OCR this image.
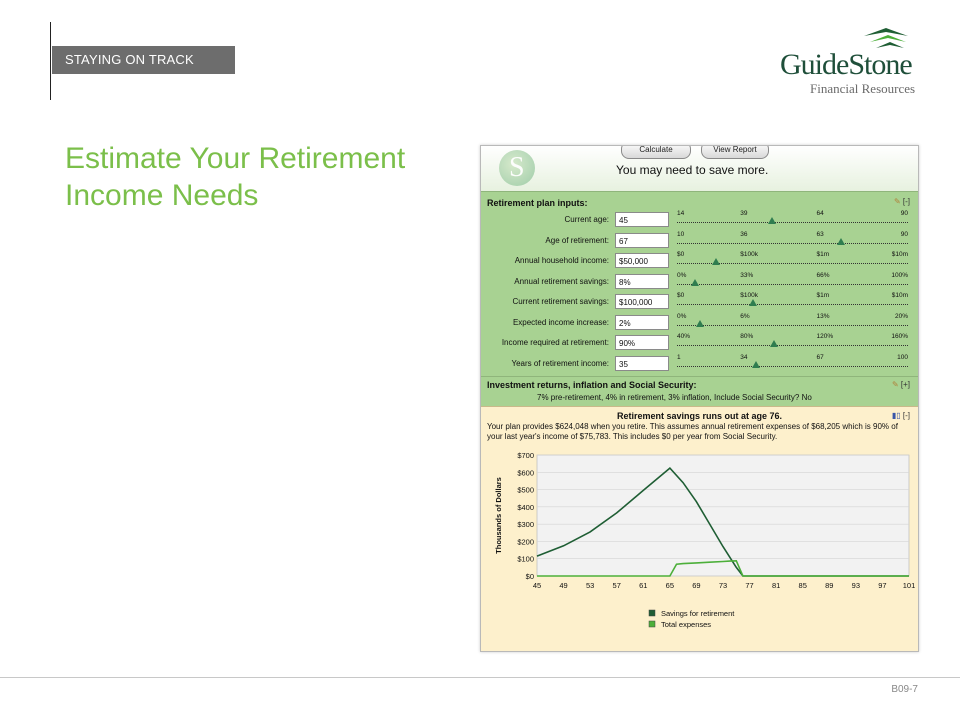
STAYING ON TRACK	GuideStone
Financial Resources
Estimate Your Retirement Income Needs
B09-7
S	You may need to save more.
Calculate	View Report
Retirement plan inputs:	✎ [-]
Current age:	45
14	39	64	90
Age of retirement:	67
10	36	63	90
Annual household income:	$50,000
$0	$100k	$1m	$10m
Annual retirement savings:	8%
0%	33%	66%	100%
Current retirement savings:	$100,000
$0	$100k	$1m	$10m
Expected income increase:	2%
0%	6%	13%	20%
Income required at retirement:	90%
40%	80%	120%	160%
Years of retirement income:	35
1	34	67	100
Investment returns, inflation and Social Security:	✎ [+]
7% pre-retirement, 4% in retirement, 3% inflation, Include Social Security? No
Retirement savings runs out at age 76.	▮▯ [-]
Your plan provides $624,048 when you retire. This assumes annual retirement expenses of $68,205 which is 90% of your last year's income of $75,783. This includes $0 per year from Social Security.
$0
$100
$200
$300
$400
$500
$600
$700
45 49 53 57 61 65 69 73 77 81 85 89 93 97 101
Thousands of Dollars
Savings for retirement
Total expenses
